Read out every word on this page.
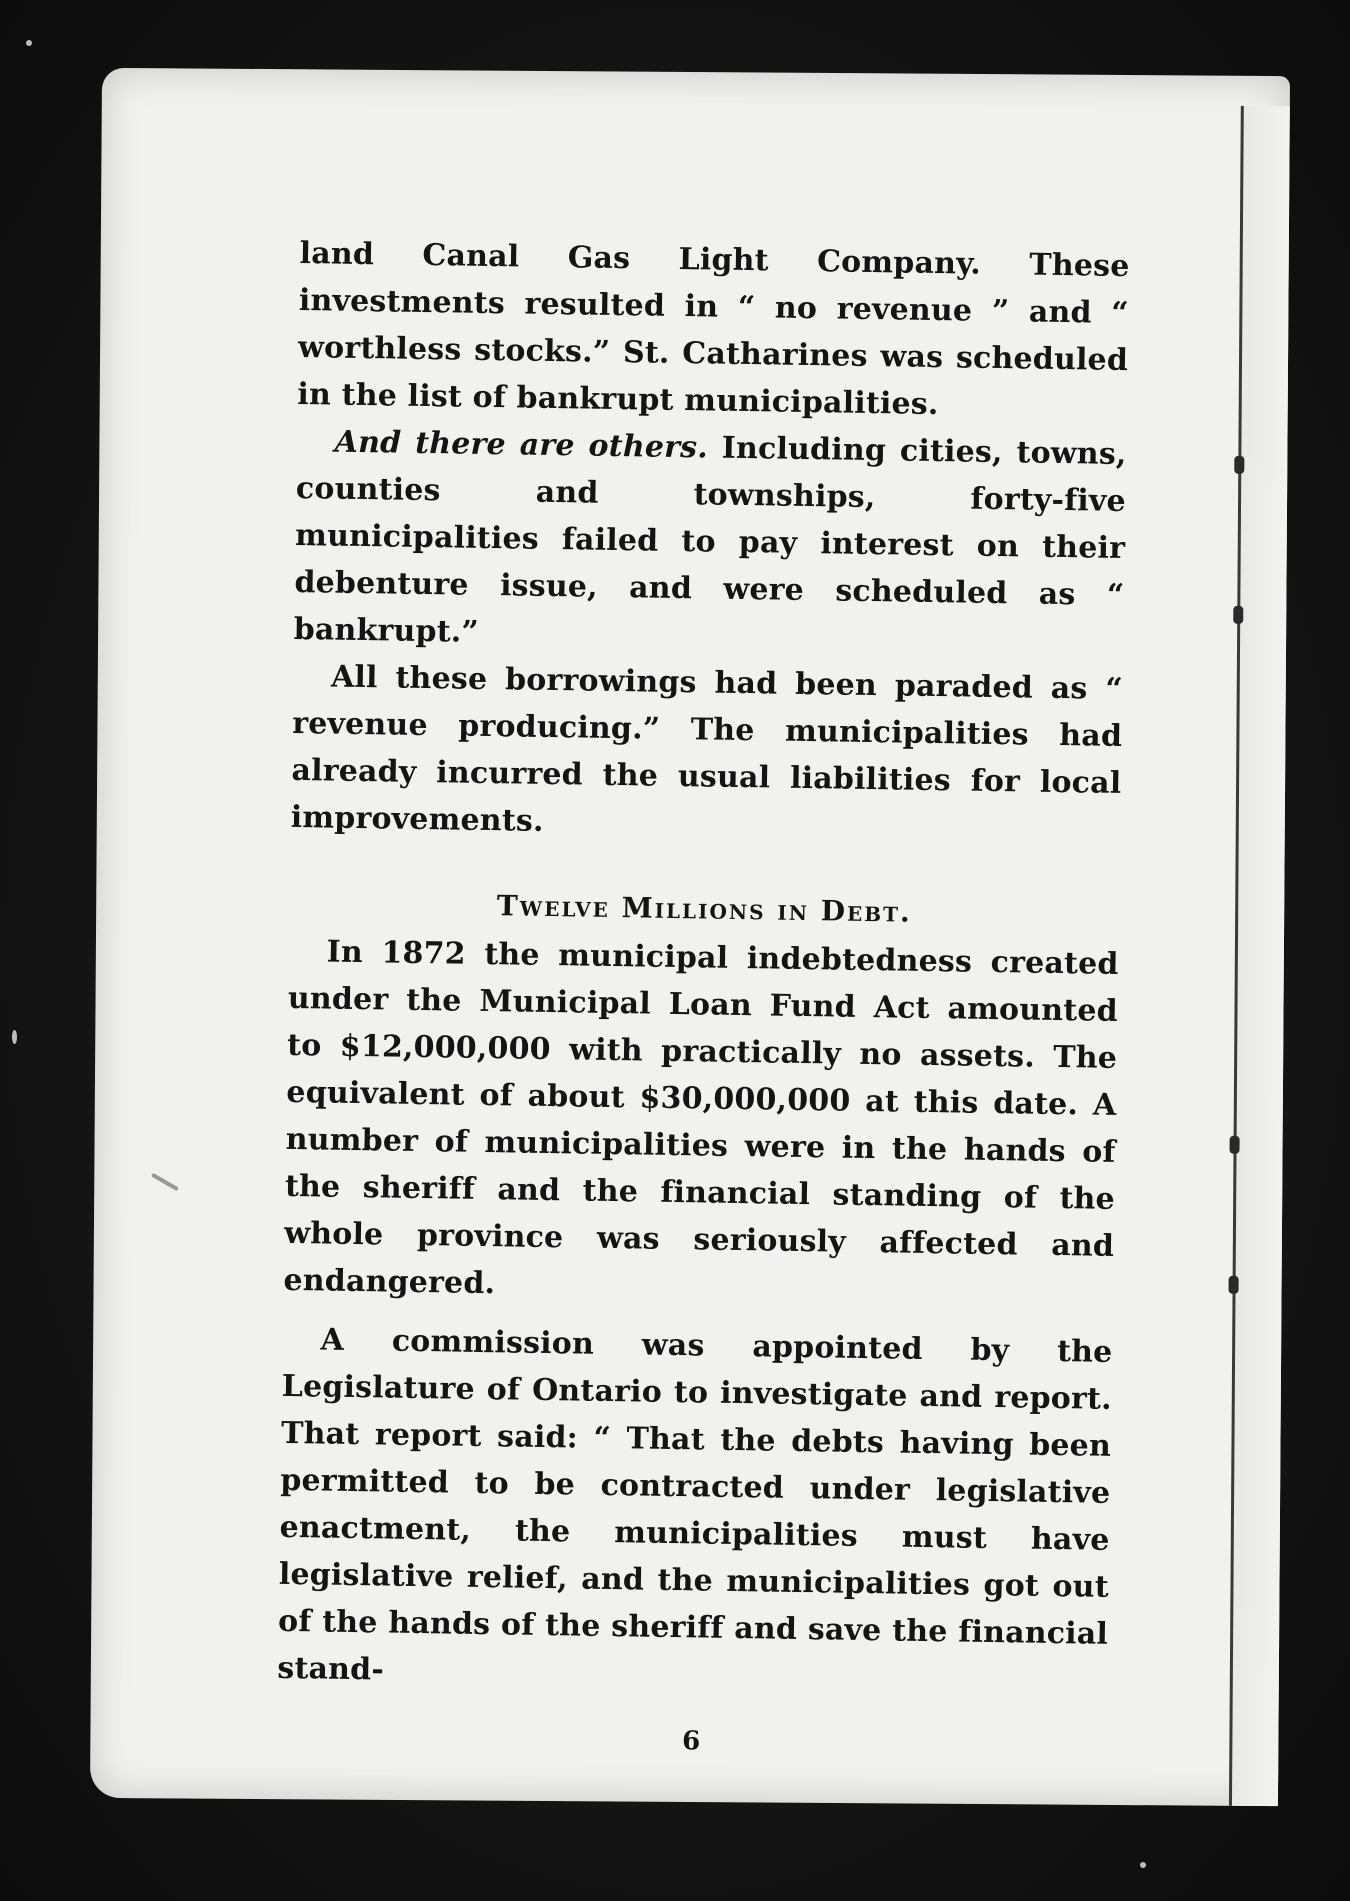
land Canal Gas Light Company. These investments resulted in “ no revenue ” and “ worthless stocks.” St. Catharines was scheduled in the list of bankrupt municipalities.

And there are others. Including cities, towns, counties and townships, forty-five municipalities failed to pay interest on their debenture issue, and were scheduled as “ bankrupt.”

All these borrowings had been paraded as “ revenue producing.” The municipalities had already incurred the usual liabilities for local improvements.

Twelve Millions in Debt.

In 1872 the municipal indebtedness created under the Municipal Loan Fund Act amounted to $12,000,000 with practically no assets. The equivalent of about $30,000,000 at this date. A number of municipalities were in the hands of the sheriff and the financial standing of the whole province was seriously affected and endangered.

A commission was appointed by the Legislature of Ontario to investigate and report. That report said: “ That the debts having been permitted to be contracted under legislative enactment, the municipalities must have legislative relief, and the municipalities got out of the hands of the sheriff and save the financial stand-

6
